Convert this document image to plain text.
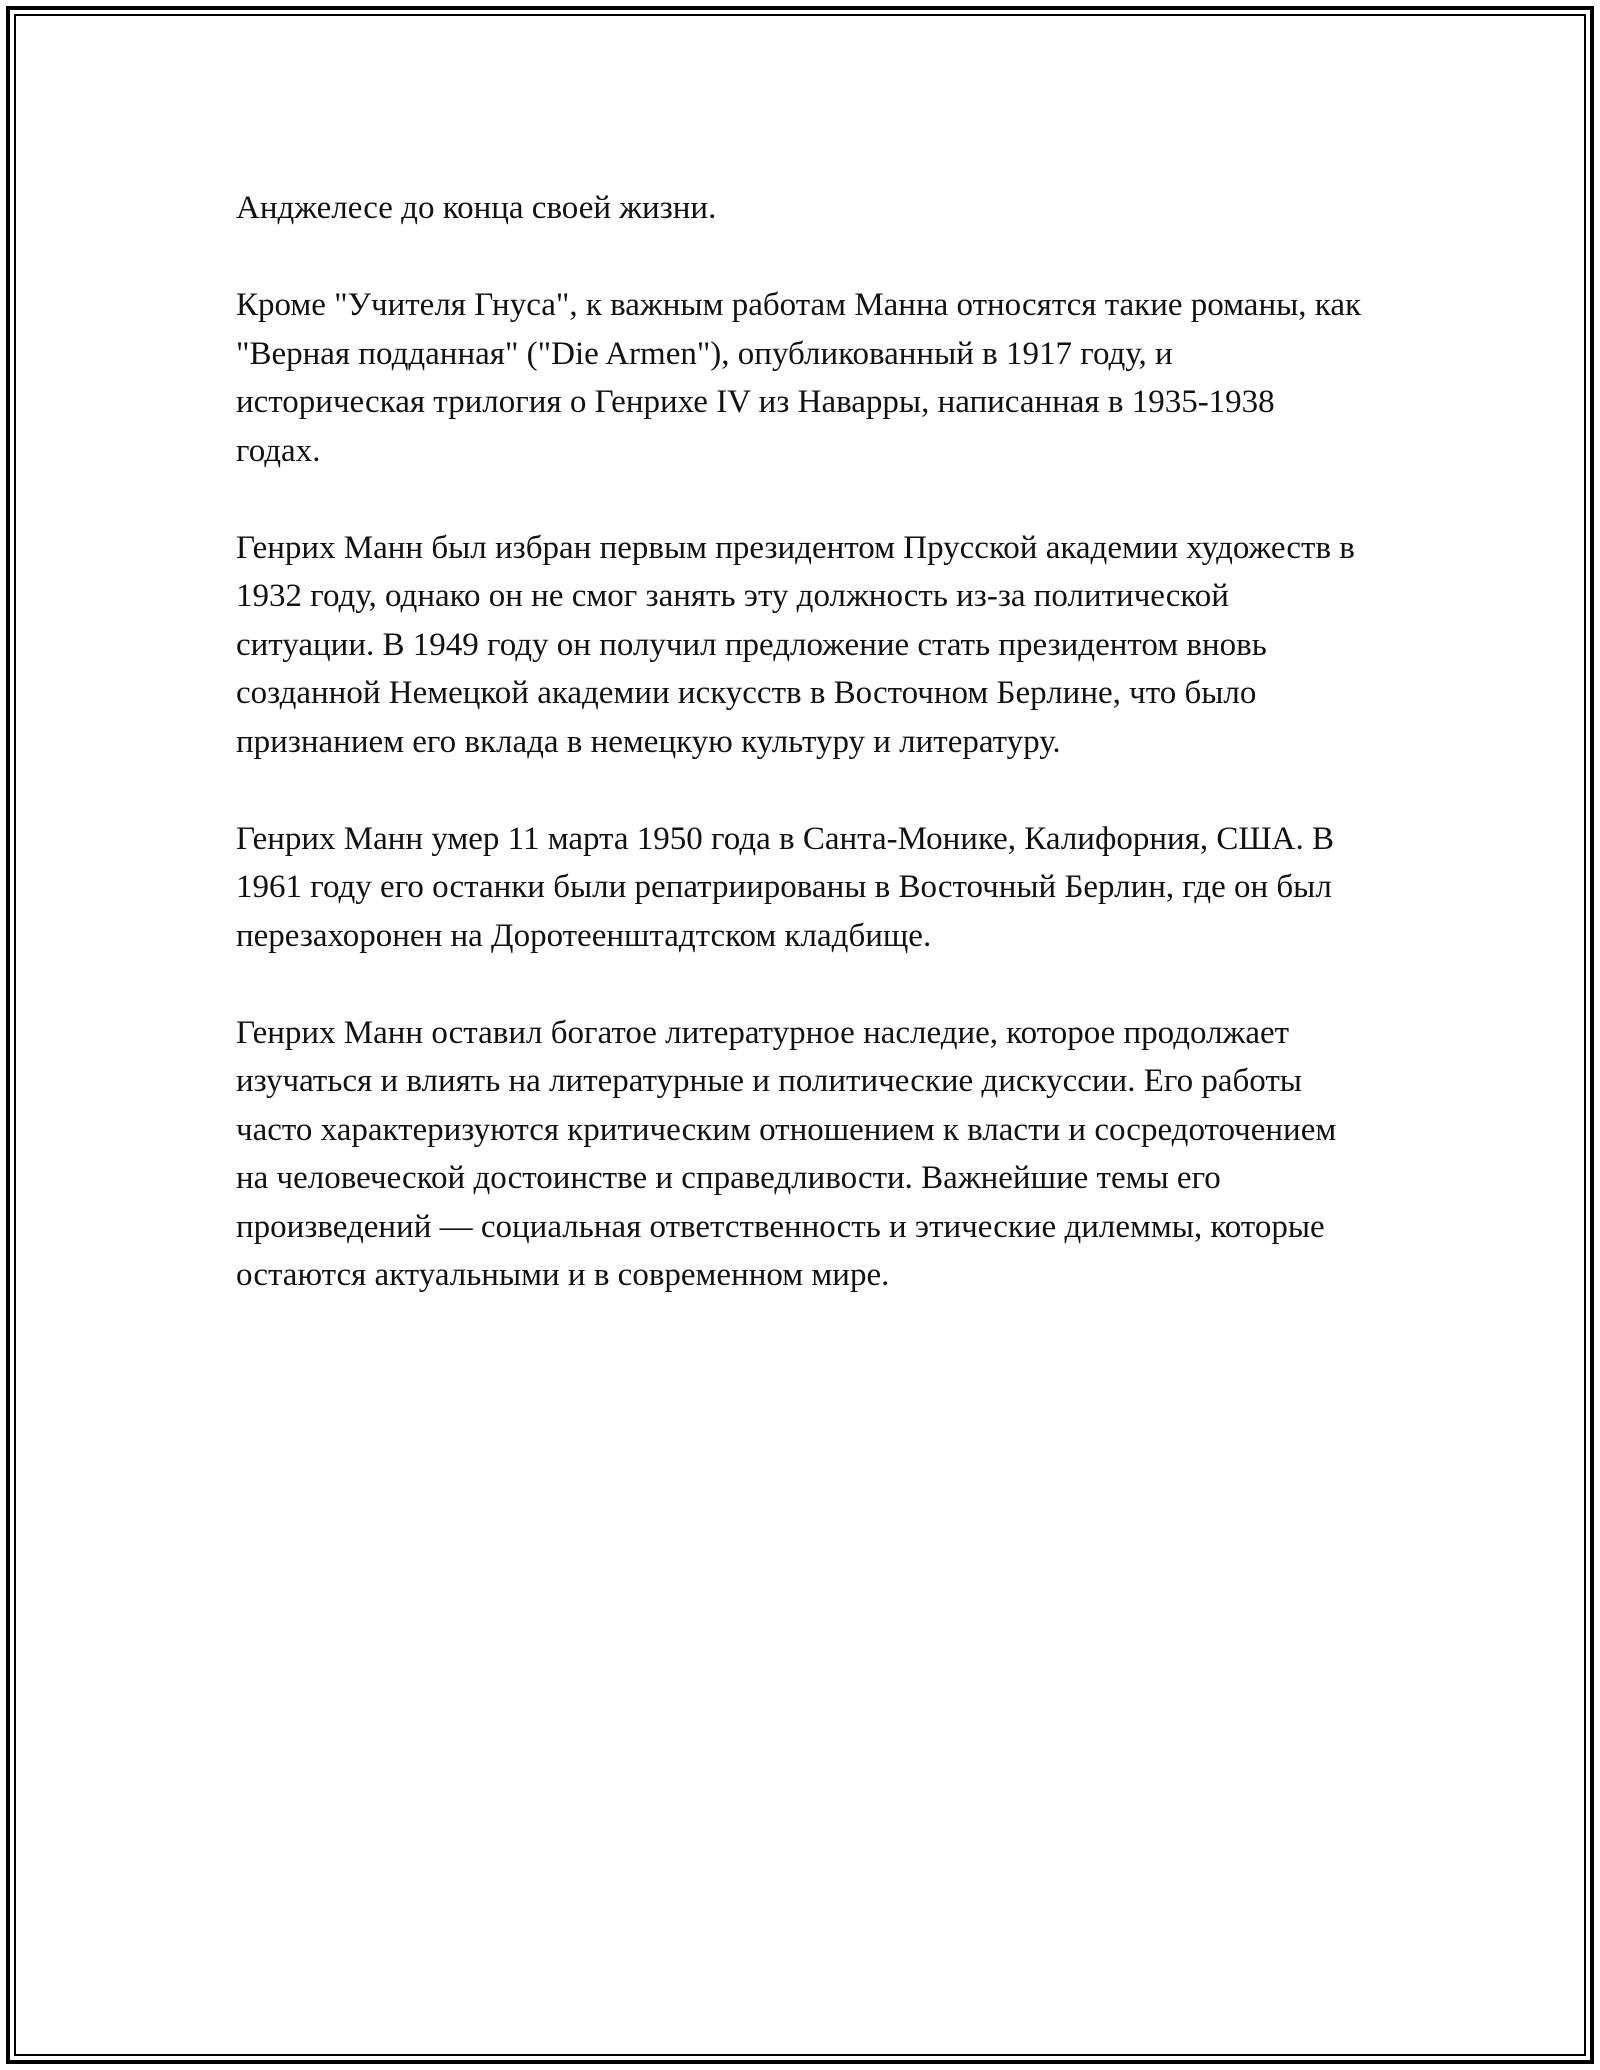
Анджелесе до конца своей жизни.

Кроме "Учителя Гнуса", к важным работам Манна относятся такие романы, как "Верная подданная" ("Die Armen"), опубликованный в 1917 году, и историческая трилогия о Генрихе IV из Наварры, написанная в 1935-1938 годах.

Генрих Манн был избран первым президентом Прусской академии художеств в 1932 году, однако он не смог занять эту должность из-за политической ситуации. В 1949 году он получил предложение стать президентом вновь созданной Немецкой академии искусств в Восточном Берлине, что было признанием его вклада в немецкую культуру и литературу.

Генрих Манн умер 11 марта 1950 года в Санта-Монике, Калифорния, США. В 1961 году его останки были репатриированы в Восточный Берлин, где он был перезахоронен на Доротеенштадтском кладбище.

Генрих Манн оставил богатое литературное наследие, которое продолжает изучаться и влиять на литературные и политические дискуссии. Его работы часто характеризуются критическим отношением к власти и сосредоточением на человеческой достоинстве и справедливости. Важнейшие темы его произведений — социальная ответственность и этические дилеммы, которые остаются актуальными и в современном мире.
